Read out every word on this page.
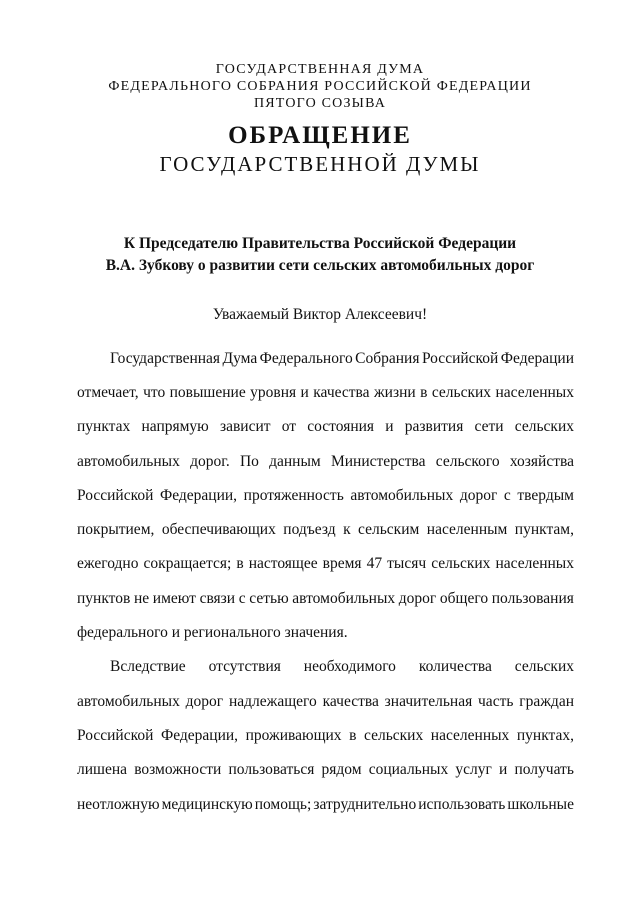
ГОСУДАРСТВЕННАЯ ДУМА
ФЕДЕРАЛЬНОГО СОБРАНИЯ РОССИЙСКОЙ ФЕДЕРАЦИИ
ПЯТОГО СОЗЫВА
ОБРАЩЕНИЕ
ГОСУДАРСТВЕННОЙ ДУМЫ
К Председателю Правительства Российской Федерации
В.А. Зубкову о развитии сети сельских автомобильных дорог
Уважаемый Виктор Алексеевич!
Государственная Дума Федерального Собрания Российской Федерации
отмечает, что повышение уровня и качества жизни в сельских населенных
пунктах напрямую зависит от состояния и развития сети сельских
автомобильных дорог. По данным Министерства сельского хозяйства
Российской Федерации, протяженность автомобильных дорог с твердым
покрытием, обеспечивающих подъезд к сельским населенным пунктам,
ежегодно сокращается; в настоящее время 47 тысяч сельских населенных
пунктов не имеют связи с сетью автомобильных дорог общего пользования
федерального и регионального значения.
Вследствие отсутствия необходимого количества сельских
автомобильных дорог надлежащего качества значительная часть граждан
Российской Федерации, проживающих в сельских населенных пунктах,
лишена возможности пользоваться рядом социальных услуг и получать
неотложную медицинскую помощь; затруднительно использовать школьные
